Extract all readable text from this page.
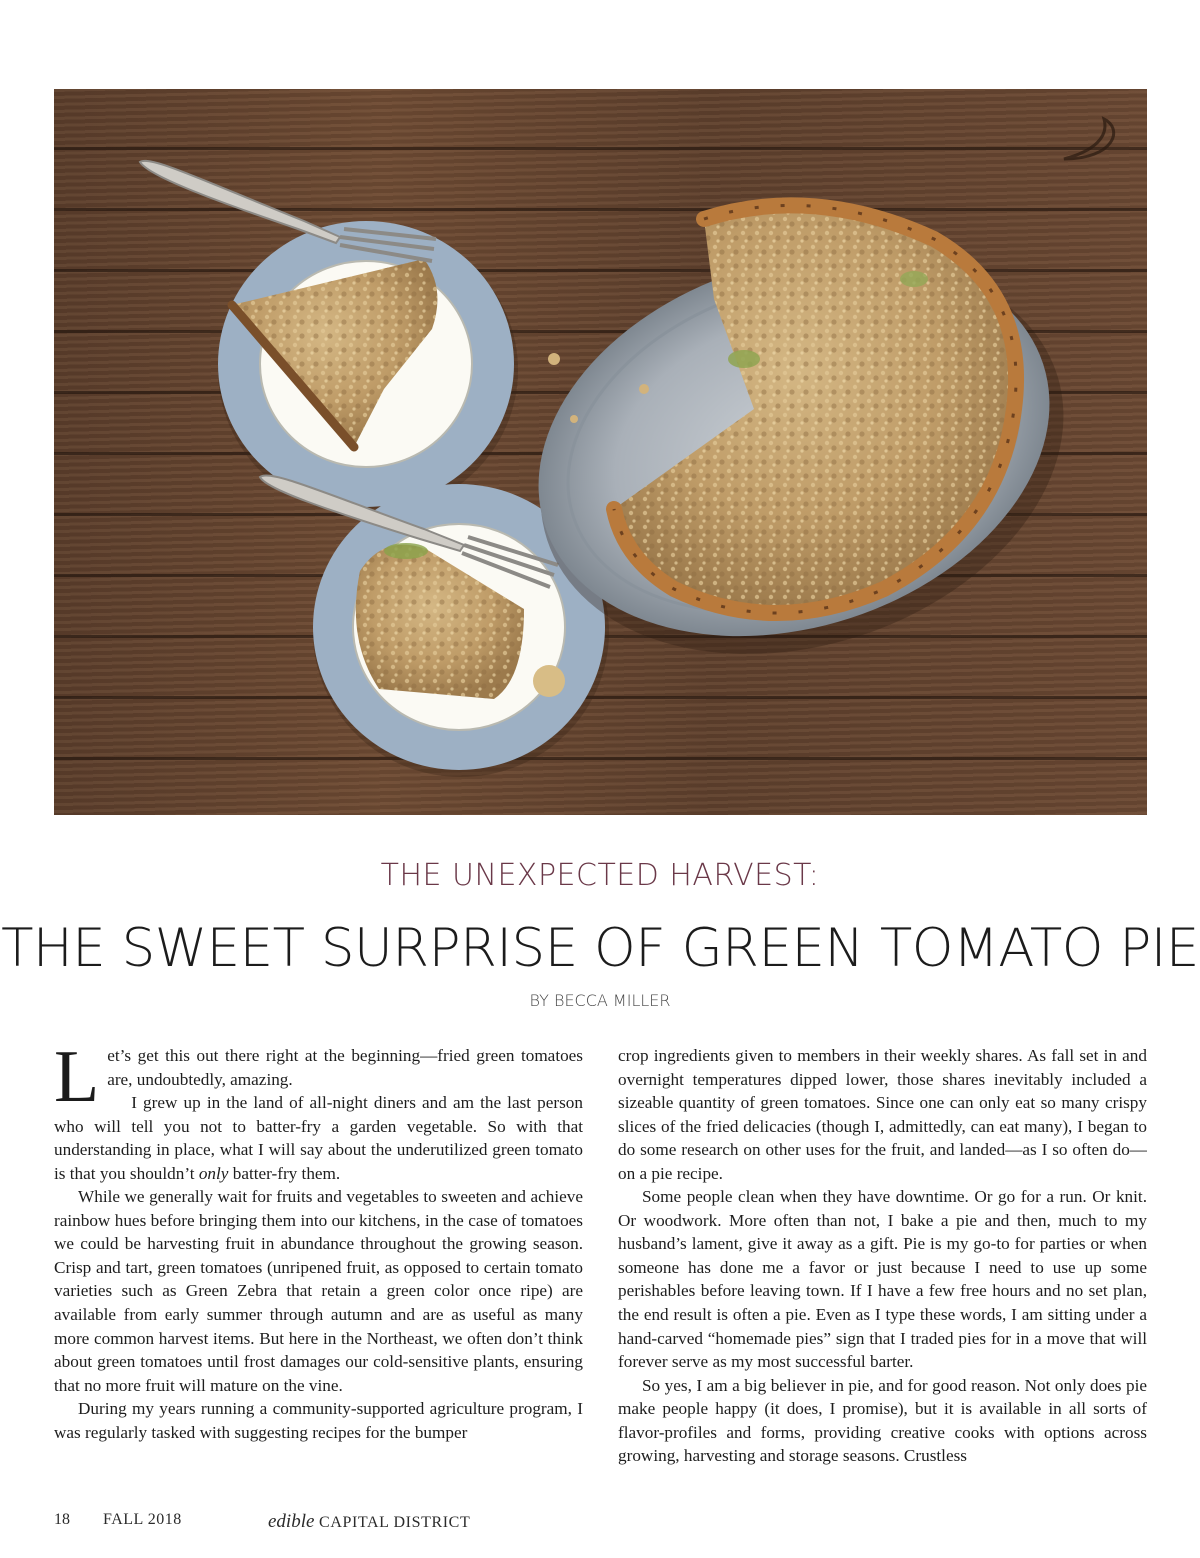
THE UNEXPECTED HARVEST:
THE SWEET SURPRISE OF GREEN TOMATO PIE
BY BECCA MILLER

Let’s get this out there right at the beginning—fried green tomatoes are, undoubtedly, amazing.

I grew up in the land of all-night diners and am the last person who will tell you not to batter-fry a garden vegetable. So with that understanding in place, what I will say about the underutilized green tomato is that you shouldn’t only batter-fry them.

While we generally wait for fruits and vegetables to sweeten and achieve rainbow hues before bringing them into our kitchens, in the case of tomatoes we could be harvesting fruit in abundance throughout the growing season. Crisp and tart, green tomatoes (unripened fruit, as opposed to certain tomato varieties such as Green Zebra that retain a green color once ripe) are available from early summer through autumn and are as useful as many more common harvest items. But here in the Northeast, we often don’t think about green tomatoes until frost damages our cold-sensitive plants, ensuring that no more fruit will mature on the vine.

During my years running a community-supported agriculture program, I was regularly tasked with suggesting recipes for the bumper

crop ingredients given to members in their weekly shares. As fall set in and overnight temperatures dipped lower, those shares inevitably included a sizeable quantity of green tomatoes. Since one can only eat so many crispy slices of the fried delicacies (though I, admittedly, can eat many), I began to do some research on other uses for the fruit, and landed—as I so often do—on a pie recipe.

Some people clean when they have downtime. Or go for a run. Or knit. Or woodwork. More often than not, I bake a pie and then, much to my husband’s lament, give it away as a gift. Pie is my go-to for parties or when someone has done me a favor or just because I need to use up some perishables before leaving town. If I have a few free hours and no set plan, the end result is often a pie. Even as I type these words, I am sitting under a hand-carved “homemade pies” sign that I traded pies for in a move that will forever serve as my most successful barter.

So yes, I am a big believer in pie, and for good reason. Not only does pie make people happy (it does, I promise), but it is available in all sorts of flavor-profiles and forms, providing creative cooks with options across growing, harvesting and storage seasons. Crustless

18 FALL 2018	edible CAPITAL DISTRICT
